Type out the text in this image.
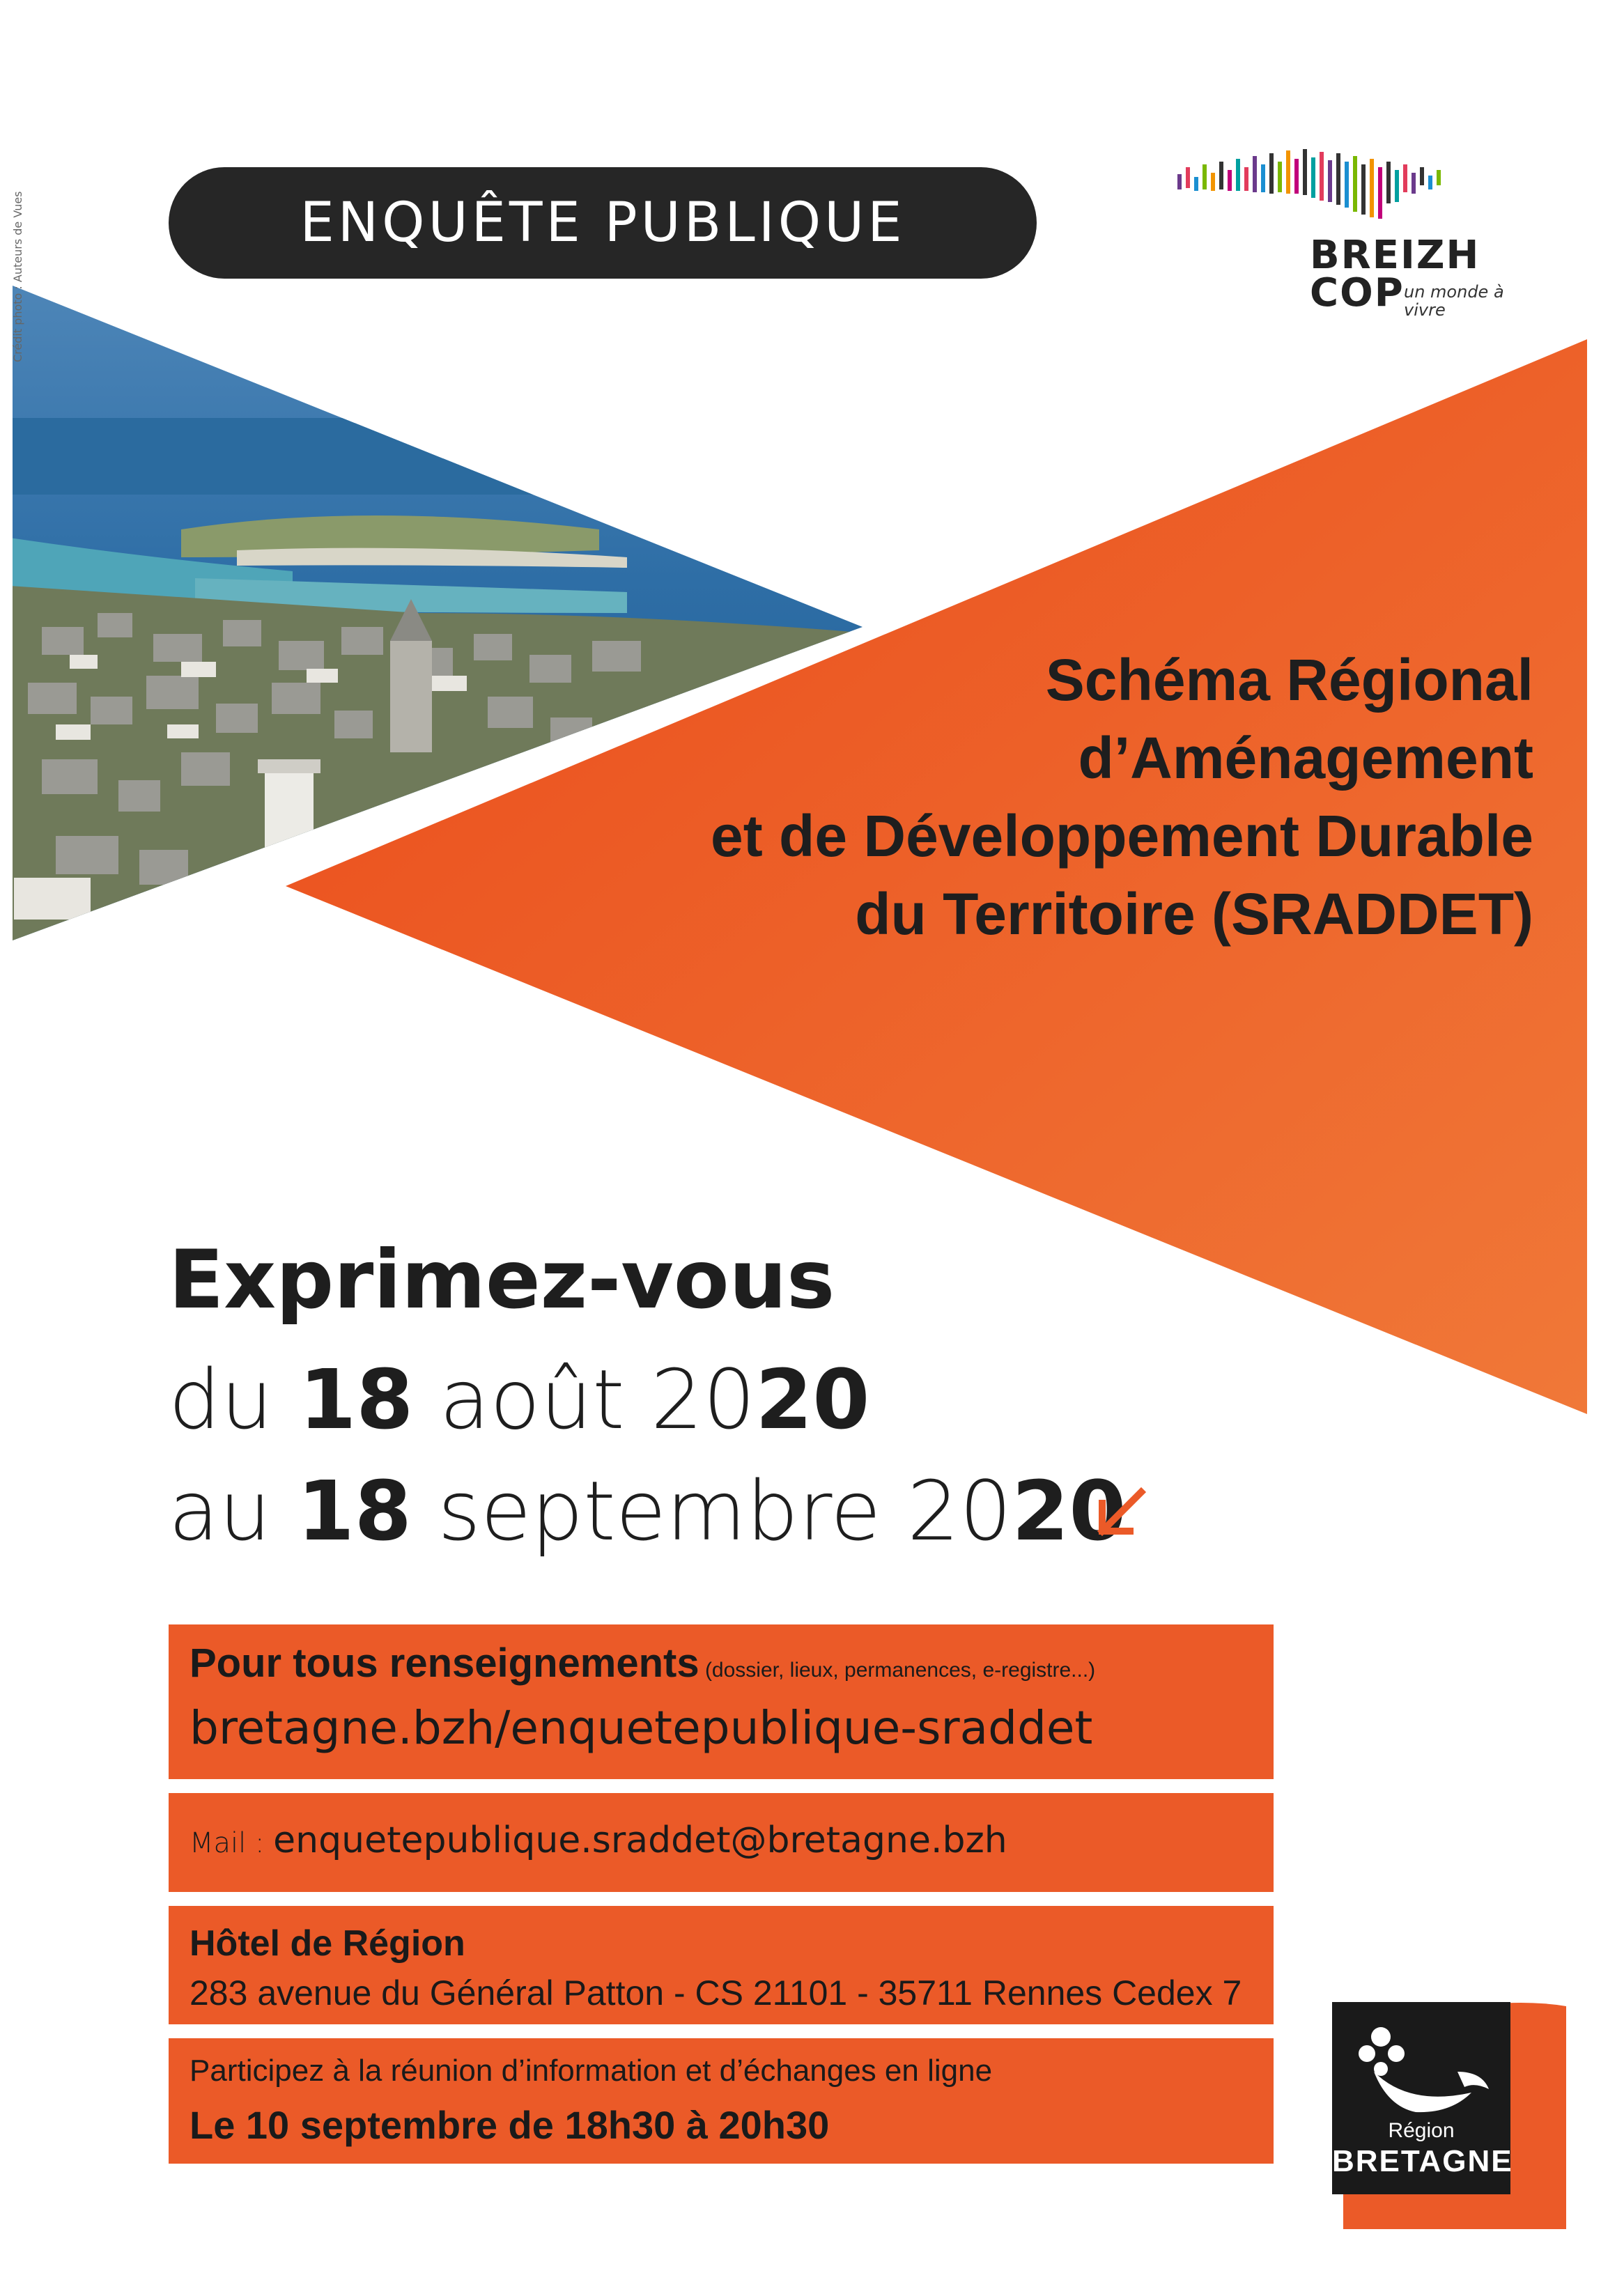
Crédit photo : Auteurs de Vues	ENQUÊTE PUBLIQUE
BREIZH
COP un monde à vivre
Schéma Régional
d’Aménagement
et de Développement Durable
du Territoire (SRADDET)
Exprimez-vous
du 18 août 2020
au 18 septembre 2020
Pour tous renseignements (dossier, lieux, permanences, e-registre...)
bretagne.bzh/enquetepublique-sraddet
Mail : enquetepublique.sraddet@bretagne.bzh
Hôtel de Région
283 avenue du Général Patton - CS 21101 - 35711 Rennes Cedex 7
Participez à la réunion d’information et d’échanges en ligne
Le 10 septembre de 18h30 à 20h30	Région
BRETAGNE
